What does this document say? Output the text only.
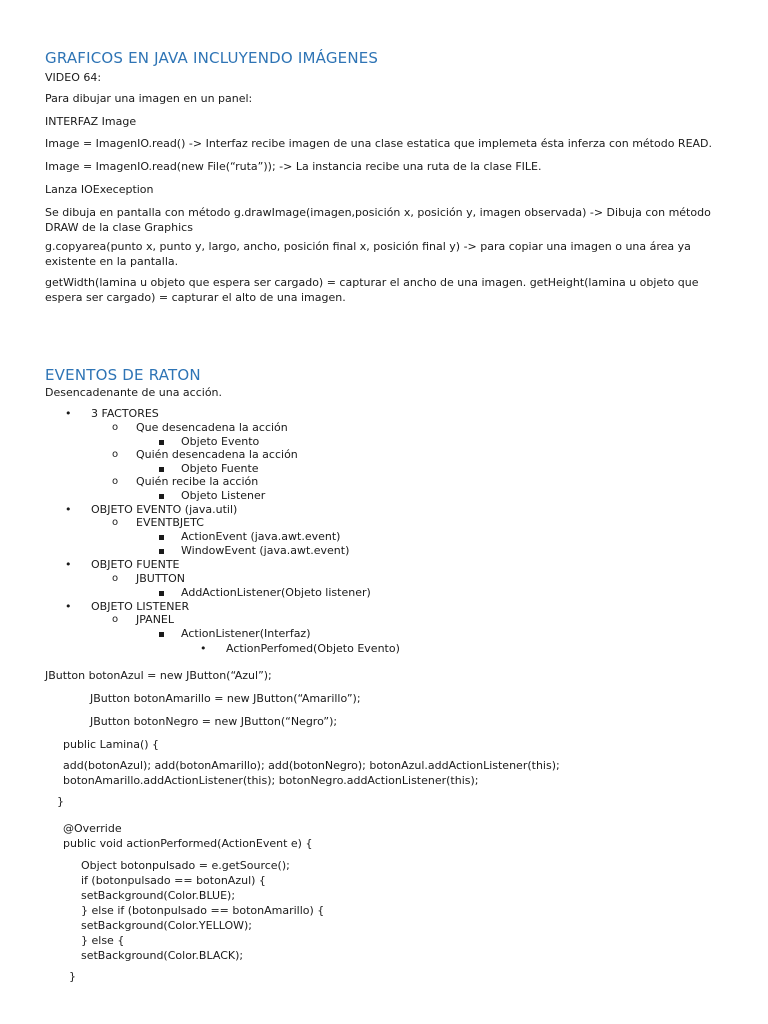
GRAFICOS EN JAVA INCLUYENDO IMÁGENES
VIDEO 64:
Para dibujar una imagen en un panel:
INTERFAZ Image
Image = ImagenIO.read() -> Interfaz recibe imagen de una clase estatica que implemeta ésta inferza con método READ.
Image = ImagenIO.read(new File(“ruta”)); -> La instancia recibe una ruta de la clase FILE.
Lanza IOExeception
Se dibuja en pantalla con método g.drawImage(imagen,posición x, posición y, imagen observada) -> Dibuja con método DRAW de la clase Graphics
g.copyarea(punto x, punto y, largo, ancho, posición final x, posición final y) -> para copiar una imagen o una área ya existente en la pantalla.
getWidth(lamina u objeto que espera ser cargado) = capturar el ancho de una imagen. getHeight(lamina u objeto que espera ser cargado) = capturar el alto de una imagen.
EVENTOS DE RATON
Desencadenante de una acción.
• 3 FACTORES
o Que desencadena la acción
Objeto Evento
o Quién desencadena la acción
Objeto Fuente
o Quién recibe la acción
Objeto Listener
• OBJETO EVENTO (java.util)
o EVENTBJETC
ActionEvent (java.awt.event)
WindowEvent (java.awt.event)
• OBJETO FUENTE
o JBUTTON
AddActionListener(Objeto listener)
• OBJETO LISTENER
o JPANEL
ActionListener(Interfaz)
• ActionPerfomed(Objeto Evento)
JButton botonAzul = new JButton(“Azul”);
JButton botonAmarillo = new JButton(“Amarillo”);
JButton botonNegro = new JButton(“Negro”);
public Lamina() {
add(botonAzul); add(botonAmarillo); add(botonNegro); botonAzul.addActionListener(this);
botonAmarillo.addActionListener(this); botonNegro.addActionListener(this);
}
@Override
public void actionPerformed(ActionEvent e) {
Object botonpulsado = e.getSource();
if (botonpulsado == botonAzul) {
setBackground(Color.BLUE);
} else if (botonpulsado == botonAmarillo) {
setBackground(Color.YELLOW);
} else {
setBackground(Color.BLACK);
}
